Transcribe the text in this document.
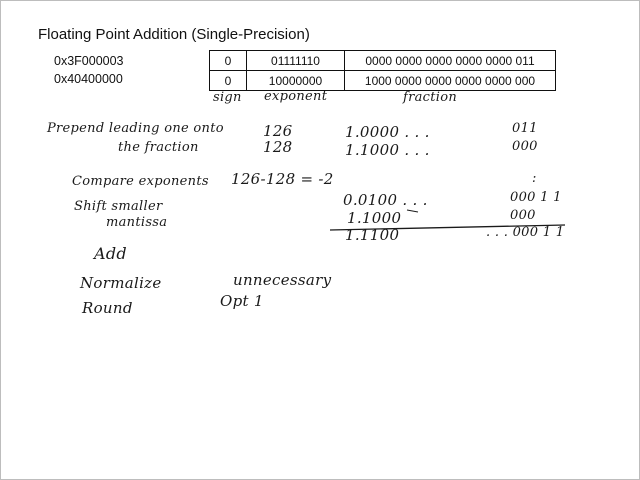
Floating Point Addition (Single-Precision)
0x3F000003
0x40400000
0	01111110	0000 0000 0000 0000 0000 011
0	10000000	1000 0000 0000 0000 0000 000
sign exponent	fraction
Prepend leading one onto
the fraction
126
128
1.0000 . . .
1.1000 . . .
011
000
Compare exponents 126-128 = -2	:
Shift smaller
mantissa
0.0100 . . .	000 1 1
1.1000	000
1.1100	. . . 000 1 1
Add
Normalize	unnecessary
Round	Opt 1
